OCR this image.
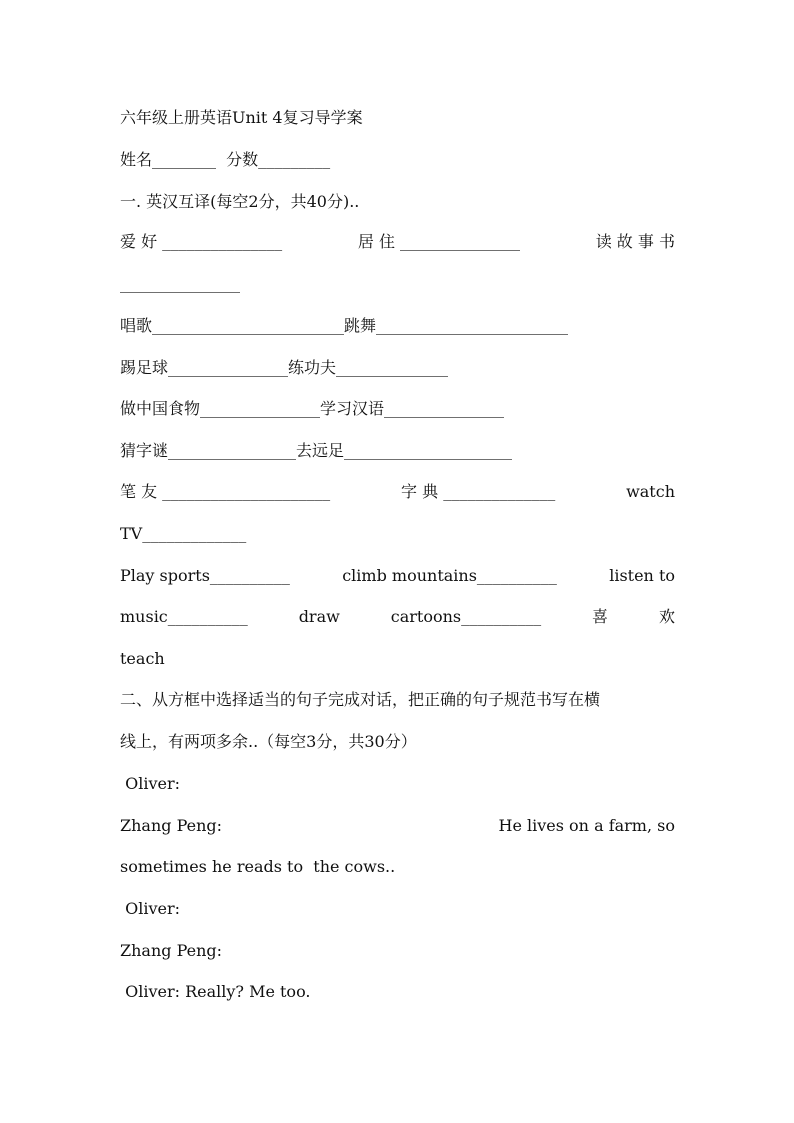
六年级上册英语Unit 4复习导学案
姓名________  分数_________
一. 英汉互译(每空2分，共40分)..
爱 好 _______________	居 住 _______________	读 故 事 书
_______________
唱歌________________________跳舞________________________
踢足球_______________练功夫______________
做中国食物_______________学习汉语_______________
猜字谜________________去远足_____________________
笔 友 _____________________	字 典 ______________	watch
TV_____________
Play sports__________	climb mountains__________	listen to
music__________	draw	cartoons__________	喜	欢
teach
二、从方框中选择适当的句子完成对话，把正确的句子规范书写在横
线上，有两项多余..（每空3分，共30分）
Oliver:
Zhang Peng:	He lives on a farm, so
sometimes he reads to  the cows..
Oliver:
Zhang Peng:
Oliver: Really? Me too.
